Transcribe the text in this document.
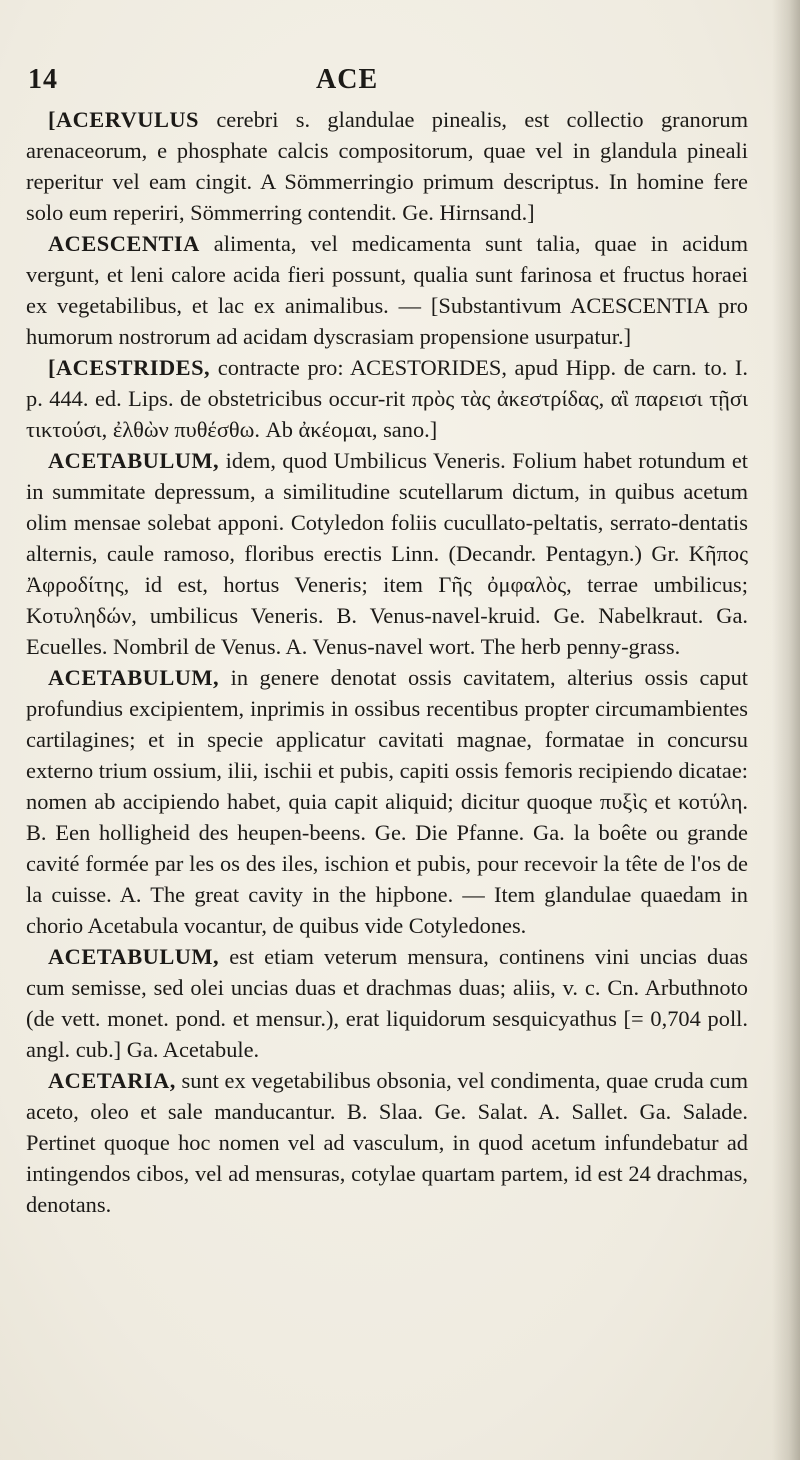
14	ACE

[ACERVULUS cerebri s. glandulae pinealis, est collectio granorum arenaceorum, e phosphate calcis compositorum, quae vel in glandula pineali reperitur vel eam cingit. A Sömmerringio primum descriptus. In homine fere solo eum reperiri, Sömmerring contendit. Ge. Hirnsand.]

ACESCENTIA alimenta, vel medicamenta sunt talia, quae in acidum vergunt, et leni calore acida fieri possunt, qualia sunt farinosa et fructus horaei ex vegetabilibus, et lac ex animalibus. — [Substantivum ACESCENTIA pro humorum nostrorum ad acidam dyscrasiam propensione usurpatur.]

[ACESTRIDES, contracte pro: ACESTORIDES, apud Hipp. de carn. to. I. p. 444. ed. Lips. de obstetricibus occur-rit πρὸς τὰς ἀκεστρίδας, αἳ παρεισι τῇσι τικτούσι, ἐλθὼν πυθέσθω. Ab ἀκέομαι, sano.]

ACETABULUM, idem, quod Umbilicus Veneris. Folium habet rotundum et in summitate depressum, a similitudine scutellarum dictum, in quibus acetum olim mensae solebat apponi. Cotyledon foliis cucullato-peltatis, serrato-dentatis alternis, caule ramoso, floribus erectis Linn. (Decandr. Pentagyn.) Gr. Κῆπος Ἀφροδίτης, id est, hortus Veneris; item Γῆς ὀμφαλὸς, terrae umbilicus; Κοτυληδών, umbilicus Veneris. B. Venus-navel-kruid. Ge. Nabelkraut. Ga. Ecuelles. Nombril de Venus. A. Venus-navel wort. The herb penny-grass.

ACETABULUM, in genere denotat ossis cavitatem, alterius ossis caput profundius excipientem, inprimis in ossibus recentibus propter circumambientes cartilagines; et in specie applicatur cavitati magnae, formatae in concursu externo trium ossium, ilii, ischii et pubis, capiti ossis femoris recipiendo dicatae: nomen ab accipiendo habet, quia capit aliquid; dicitur quoque πυξὶς et κοτύλη. B. Een holligheid des heupen-beens. Ge. Die Pfanne. Ga. la boête ou grande cavité formée par les os des iles, ischion et pubis, pour recevoir la tête de l'os de la cuisse. A. The great cavity in the hipbone. — Item glandulae quaedam in chorio Acetabula vocantur, de quibus vide Cotyledones.

ACETABULUM, est etiam veterum mensura, continens vini uncias duas cum semisse, sed olei uncias duas et drachmas duas; aliis, v. c. Cn. Arbuthnoto (de vett. monet. pond. et mensur.), erat liquidorum sesquicyathus [= 0,704 poll. angl. cub.] Ga. Acetabule.

ACETARIA, sunt ex vegetabilibus obsonia, vel condimenta, quae cruda cum aceto, oleo et sale manducantur. B. Slaa. Ge. Salat. A. Sallet. Ga. Salade. Pertinet quoque hoc nomen vel ad vasculum, in quod acetum infundebatur ad intingendos cibos, vel ad mensuras, cotylae quartam partem, id est 24 drachmas, denotans.
